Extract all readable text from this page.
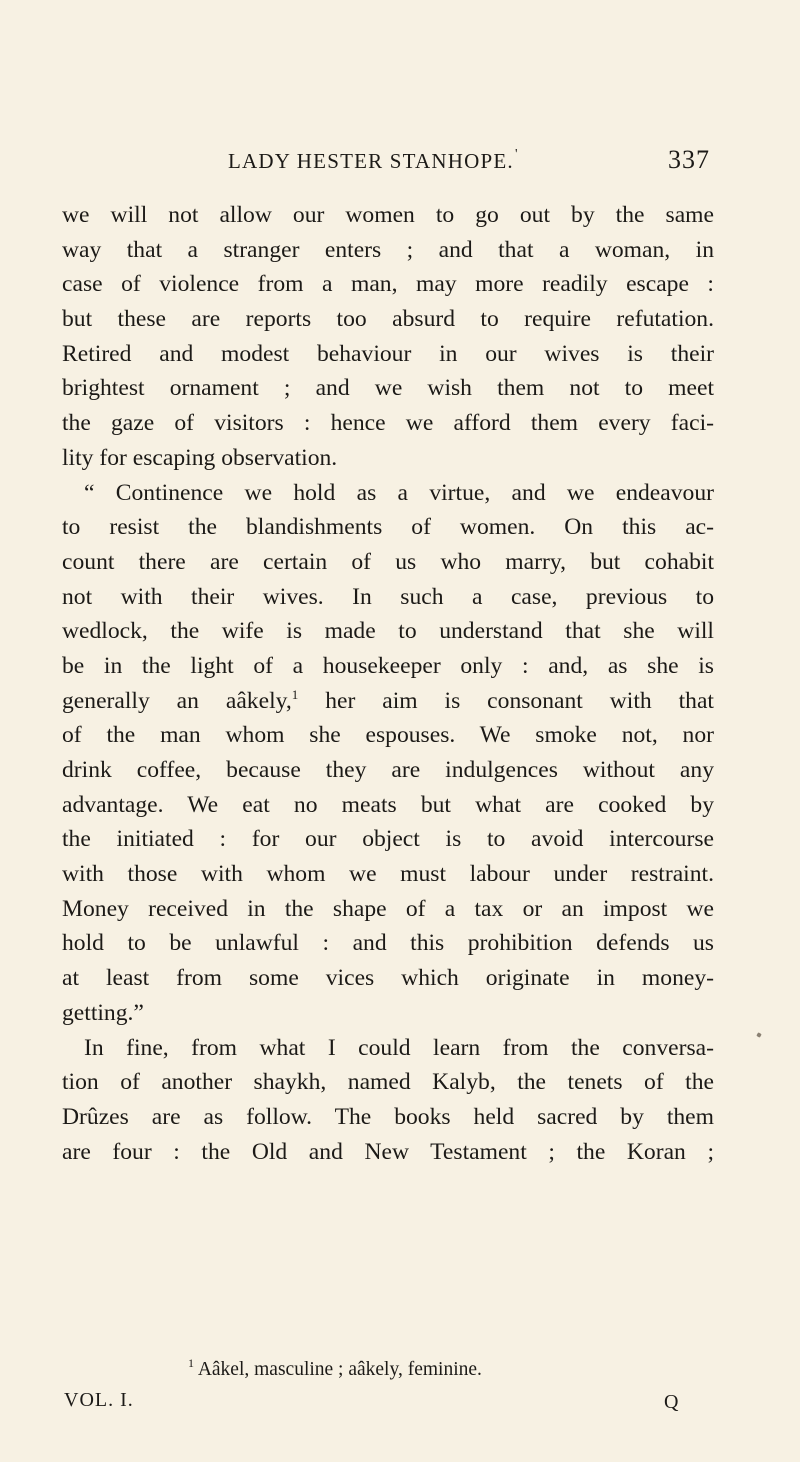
LADY HESTER STANHOPE. '	337
we will not allow our women to go out by the same
way that a stranger enters ; and that a woman, in
case of violence from a man, may more readily escape :
but these are reports too absurd to require refutation.
Retired and modest behaviour in our wives is their
brightest ornament ; and we wish them not to meet
the gaze of visitors : hence we afford them every faci-
lity for escaping observation.
“ Continence we hold as a virtue, and we endeavour
to resist the blandishments of women. On this ac-
count there are certain of us who marry, but cohabit
not with their wives. In such a case, previous to
wedlock, the wife is made to understand that she will
be in the light of a housekeeper only : and, as she is
generally an aâkely,$^1$ her aim is consonant with that
of the man whom she espouses. We smoke not, nor
drink coffee, because they are indulgences without any
advantage. We eat no meats but what are cooked by
the initiated : for our object is to avoid intercourse
with those with whom we must labour under restraint.
Money received in the shape of a tax or an impost we
hold to be unlawful : and this prohibition defends us
at least from some vices which originate in money-
getting.”
In fine, from what I could learn from the conversa-
tion of another shaykh, named Kalyb, the tenets of the
Drûzes are as follow. The books held sacred by them
are four : the Old and New Testament ; the Koran ;
$^1$ Aâkel, masculine ; aâkely, feminine.
VOL. I.	Q
